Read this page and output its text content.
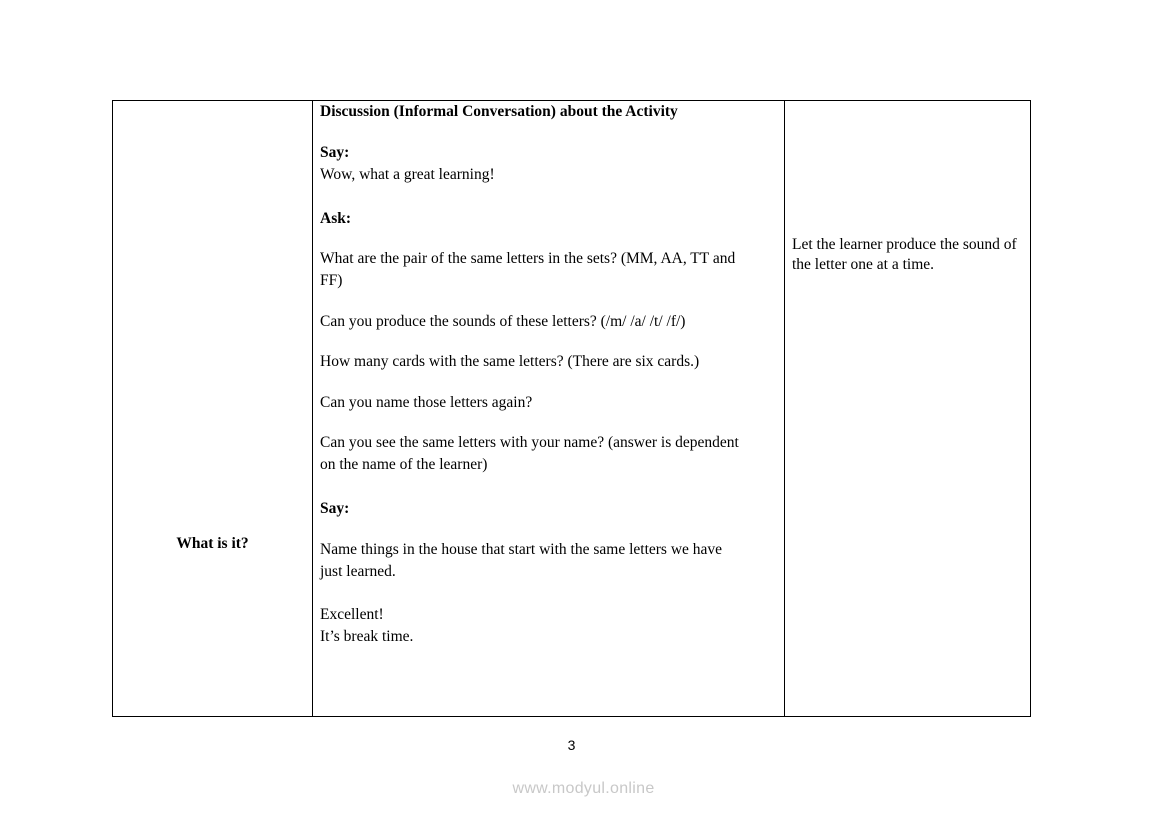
What is it?
Discussion (Informal Conversation) about the Activity
Say:
Wow, what a great learning!
Ask:
What are the pair of the same letters in the sets? (MM, AA, TT and
FF)
Can you produce the sounds of these letters? (/m/ /a/ /t/ /f/)
How many cards with the same letters? (There are six cards.)
Can you name those letters again?
Can you see the same letters with your name? (answer is dependent
on the name of the learner)
Say:
Name things in the house that start with the same letters we have
just learned.
Excellent!
It’s break time.
Let the learner produce the sound of the letter one at a time.
3
www.modyul.online
